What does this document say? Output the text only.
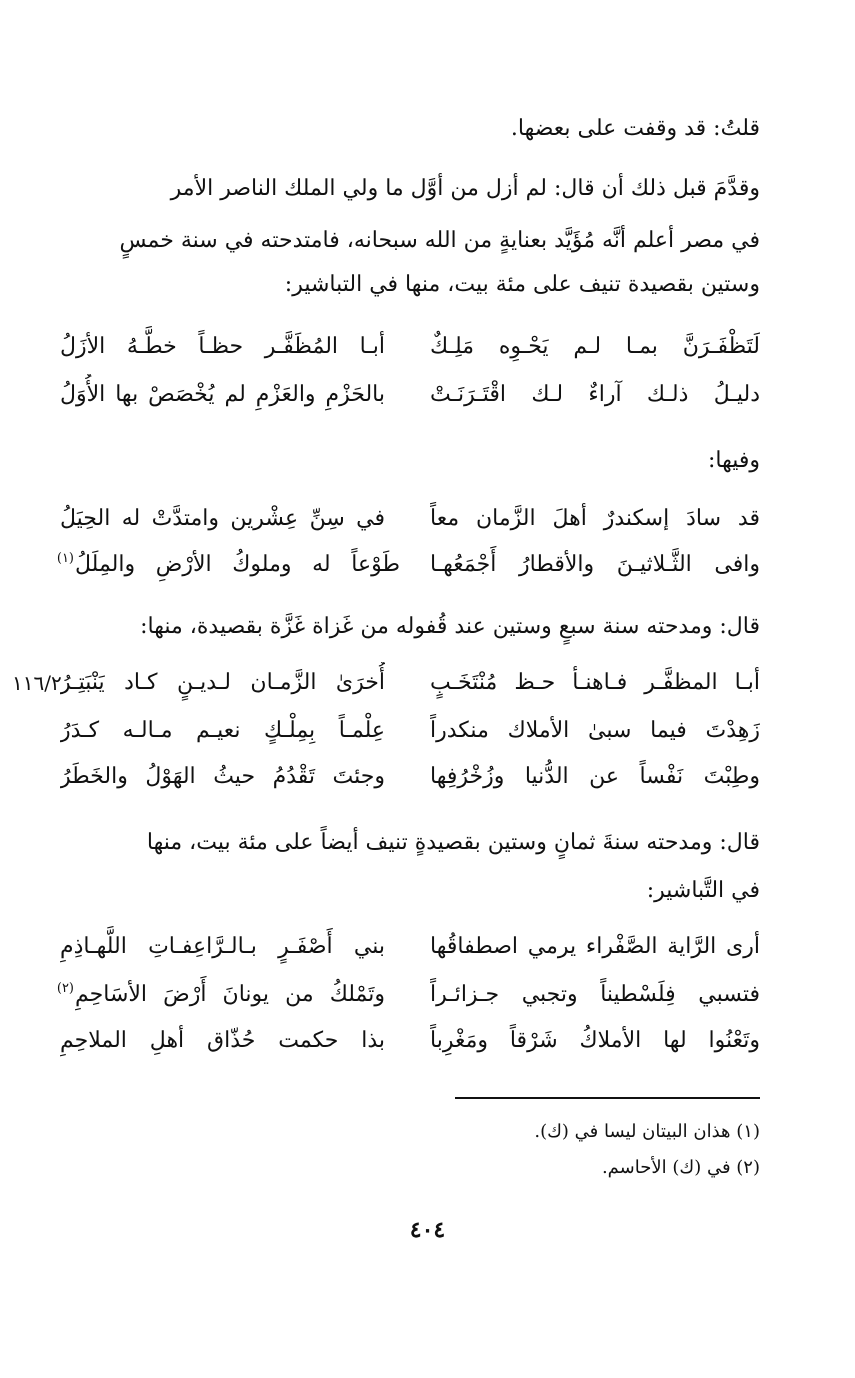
قلتُ: قد وقفت على بعضها.
وقدَّمَ قبل ذلك أن قال: لم أزل من أوَّل ما ولي الملك الناصر الأمر
في مصر أعلم أنَّه مُؤَيَّد بعنايةٍ من الله سبحانه، فامتدحته في سنة خمسٍ
وستين بقصيدة تنيف على مئة بيت، منها في التباشير:
لَتَظْفَـرَنَّ بمـا لـم يَحْـوِه مَلِـكٌ
أبـا المُظَفَّـر حظـاً خطَّـهُ الأزَلُ
دليـلُ ذلـك آراءٌ لـك اقْتَـرَنَـتْ
بالحَزْمِ والعَزْمِ لم يُخْصَصْ بها الأُوَلُ
وفيها:
قد سادَ إسكندرٌ أهلَ الزَّمان معاً
في سِنِّ عِشْرين وامتدَّتْ له الحِيَلُ
وافى الثَّـلاثيـنَ والأقطارُ أَجْمَعُهـا
طَوْعاً له وملوكُ الأرْضِ والمِلَلُ
(١)
قال: ومدحته سنة سبعٍ وستين عند قُفوله من غَزاة غَزَّة بقصيدة، منها:
١١٦/٢	أبـا المظفَّـر فـاهنـأ حـظ مُنْتَخَـبٍ
أُخرَىٰ الزَّمـان لـديـنٍ كـاد يَنْبَتِـرُ
زَهِدْتَ فيما سبىٰ الأملاك منكدراً
عِلْمـاً بِمِلْـكٍ نعيـم مـالـه كـدَرُ
وطِبْتَ نَفْساً عن الدُّنيا وزُخْرُفِها
وجئتَ تَقْدُمُ حيثُ الهَوْلُ والخَطَرُ
قال: ومدحته سنةَ ثمانٍ وستين بقصيدةٍ تنيف أيضاً على مئة بيت، منها
في التَّباشير:
أرى الرَّاية الصَّفْراء يرمي اصطفاقُها
بني أَصْفَـرٍ بـالـرَّاعِفـاتِ اللَّهـاذِمِ
فتسبي فِلَسْطيناً وتجبي جـزائـراً
وتَمْلكُ من يونانَ أَرْضَ الأسَاحِمِ
(٢)
وتَعْنُوا لها الأملاكُ شَرْقاً ومَغْرِباً
بذا حكمت حُذّاق أهلِ الملاحِمِ
(١) هذان البيتان ليسا في (ك).
(٢) في (ك) الأحاسم.
٤٠٤
